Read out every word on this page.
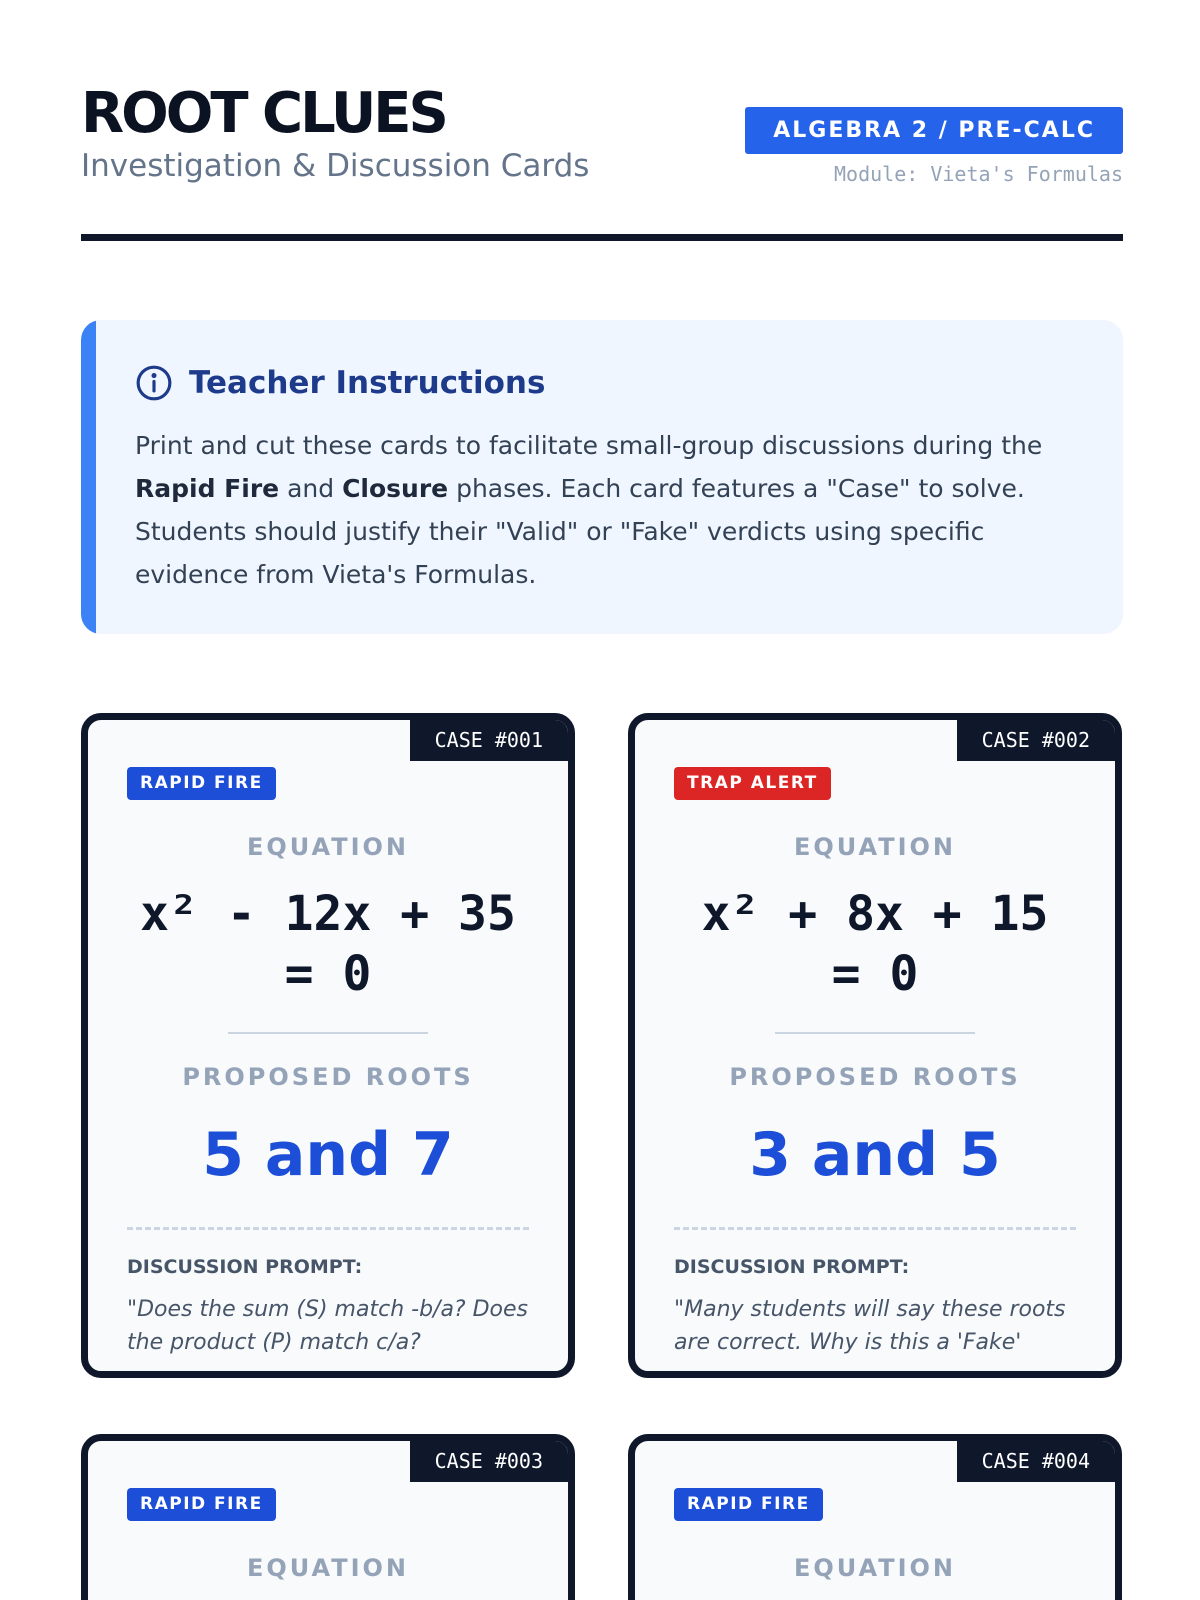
ROOT CLUES
Investigation & Discussion Cards
ALGEBRA 2 / PRE-CALC
Module: Vieta's Formulas
Teacher Instructions
Print and cut these cards to facilitate small-group discussions during the Rapid Fire and Closure phases. Each card features a "Case" to solve. Students should justify their "Valid" or "Fake" verdicts using specific evidence from Vieta's Formulas.
CASE #001
RAPID FIRE
EQUATION
x² - 12x + 35
= 0
PROPOSED ROOTS
5 and 7
DISCUSSION PROMPT:
"Does the sum (S) match -b/a? Does the product (P) match c/a?
CASE #002
TRAP ALERT
EQUATION
x² + 8x + 15
= 0
PROPOSED ROOTS
3 and 5
DISCUSSION PROMPT:
"Many students will say these roots are correct. Why is this a 'Fake'
CASE #003
RAPID FIRE
EQUATION
CASE #004
RAPID FIRE
EQUATION
